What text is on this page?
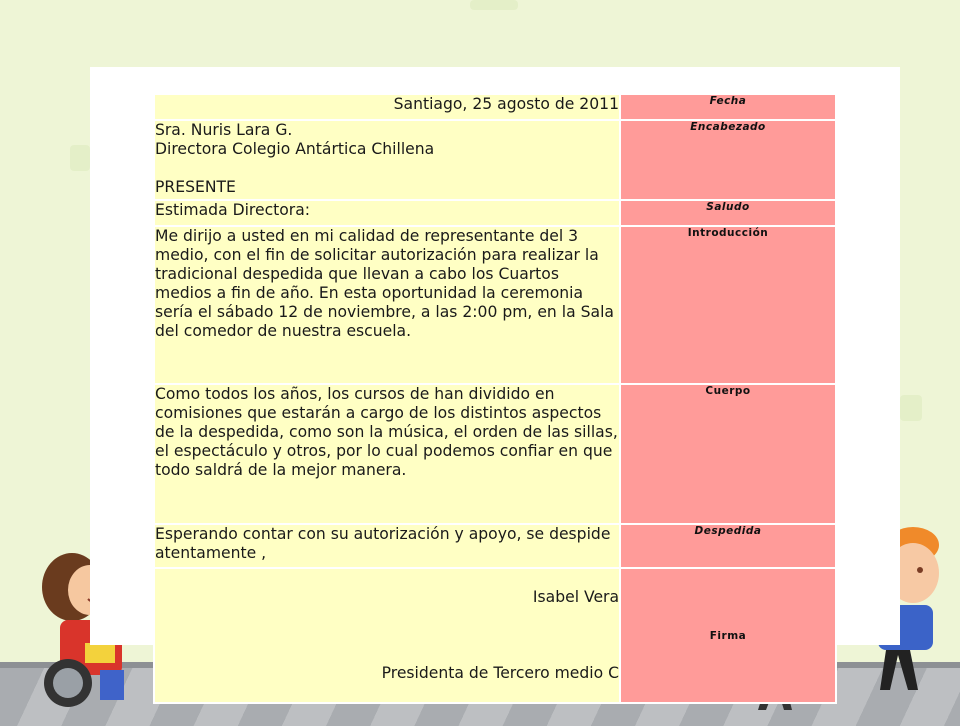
Santiago, 25 agosto de 2011	Fecha
Sra. Nuris Lara G.
Directora Colegio Antártica Chillena

PRESENTE	Encabezado
Estimada Directora:	Saludo
Me dirijo a usted en mi calidad de representante del 3 medio, con el fin de solicitar autorización para realizar la tradicional despedida que llevan a cabo los Cuartos medios a fin de año. En esta oportunidad la ceremonia sería el sábado 12 de noviembre, a las 2:00 pm, en la Sala del comedor de nuestra escuela.	Introducción
Como todos los años, los cursos de han dividido en comisiones que estarán a cargo de los distintos aspectos de la despedida, como son la música, el orden de las sillas, el espectáculo y otros, por lo cual podemos confiar en que todo saldrá de la mejor manera.	Cuerpo
Esperando contar con su autorización y apoyo, se despide atentamente ,	Despedida

Isabel Vera

Presidenta de Tercero medio C	Firma
